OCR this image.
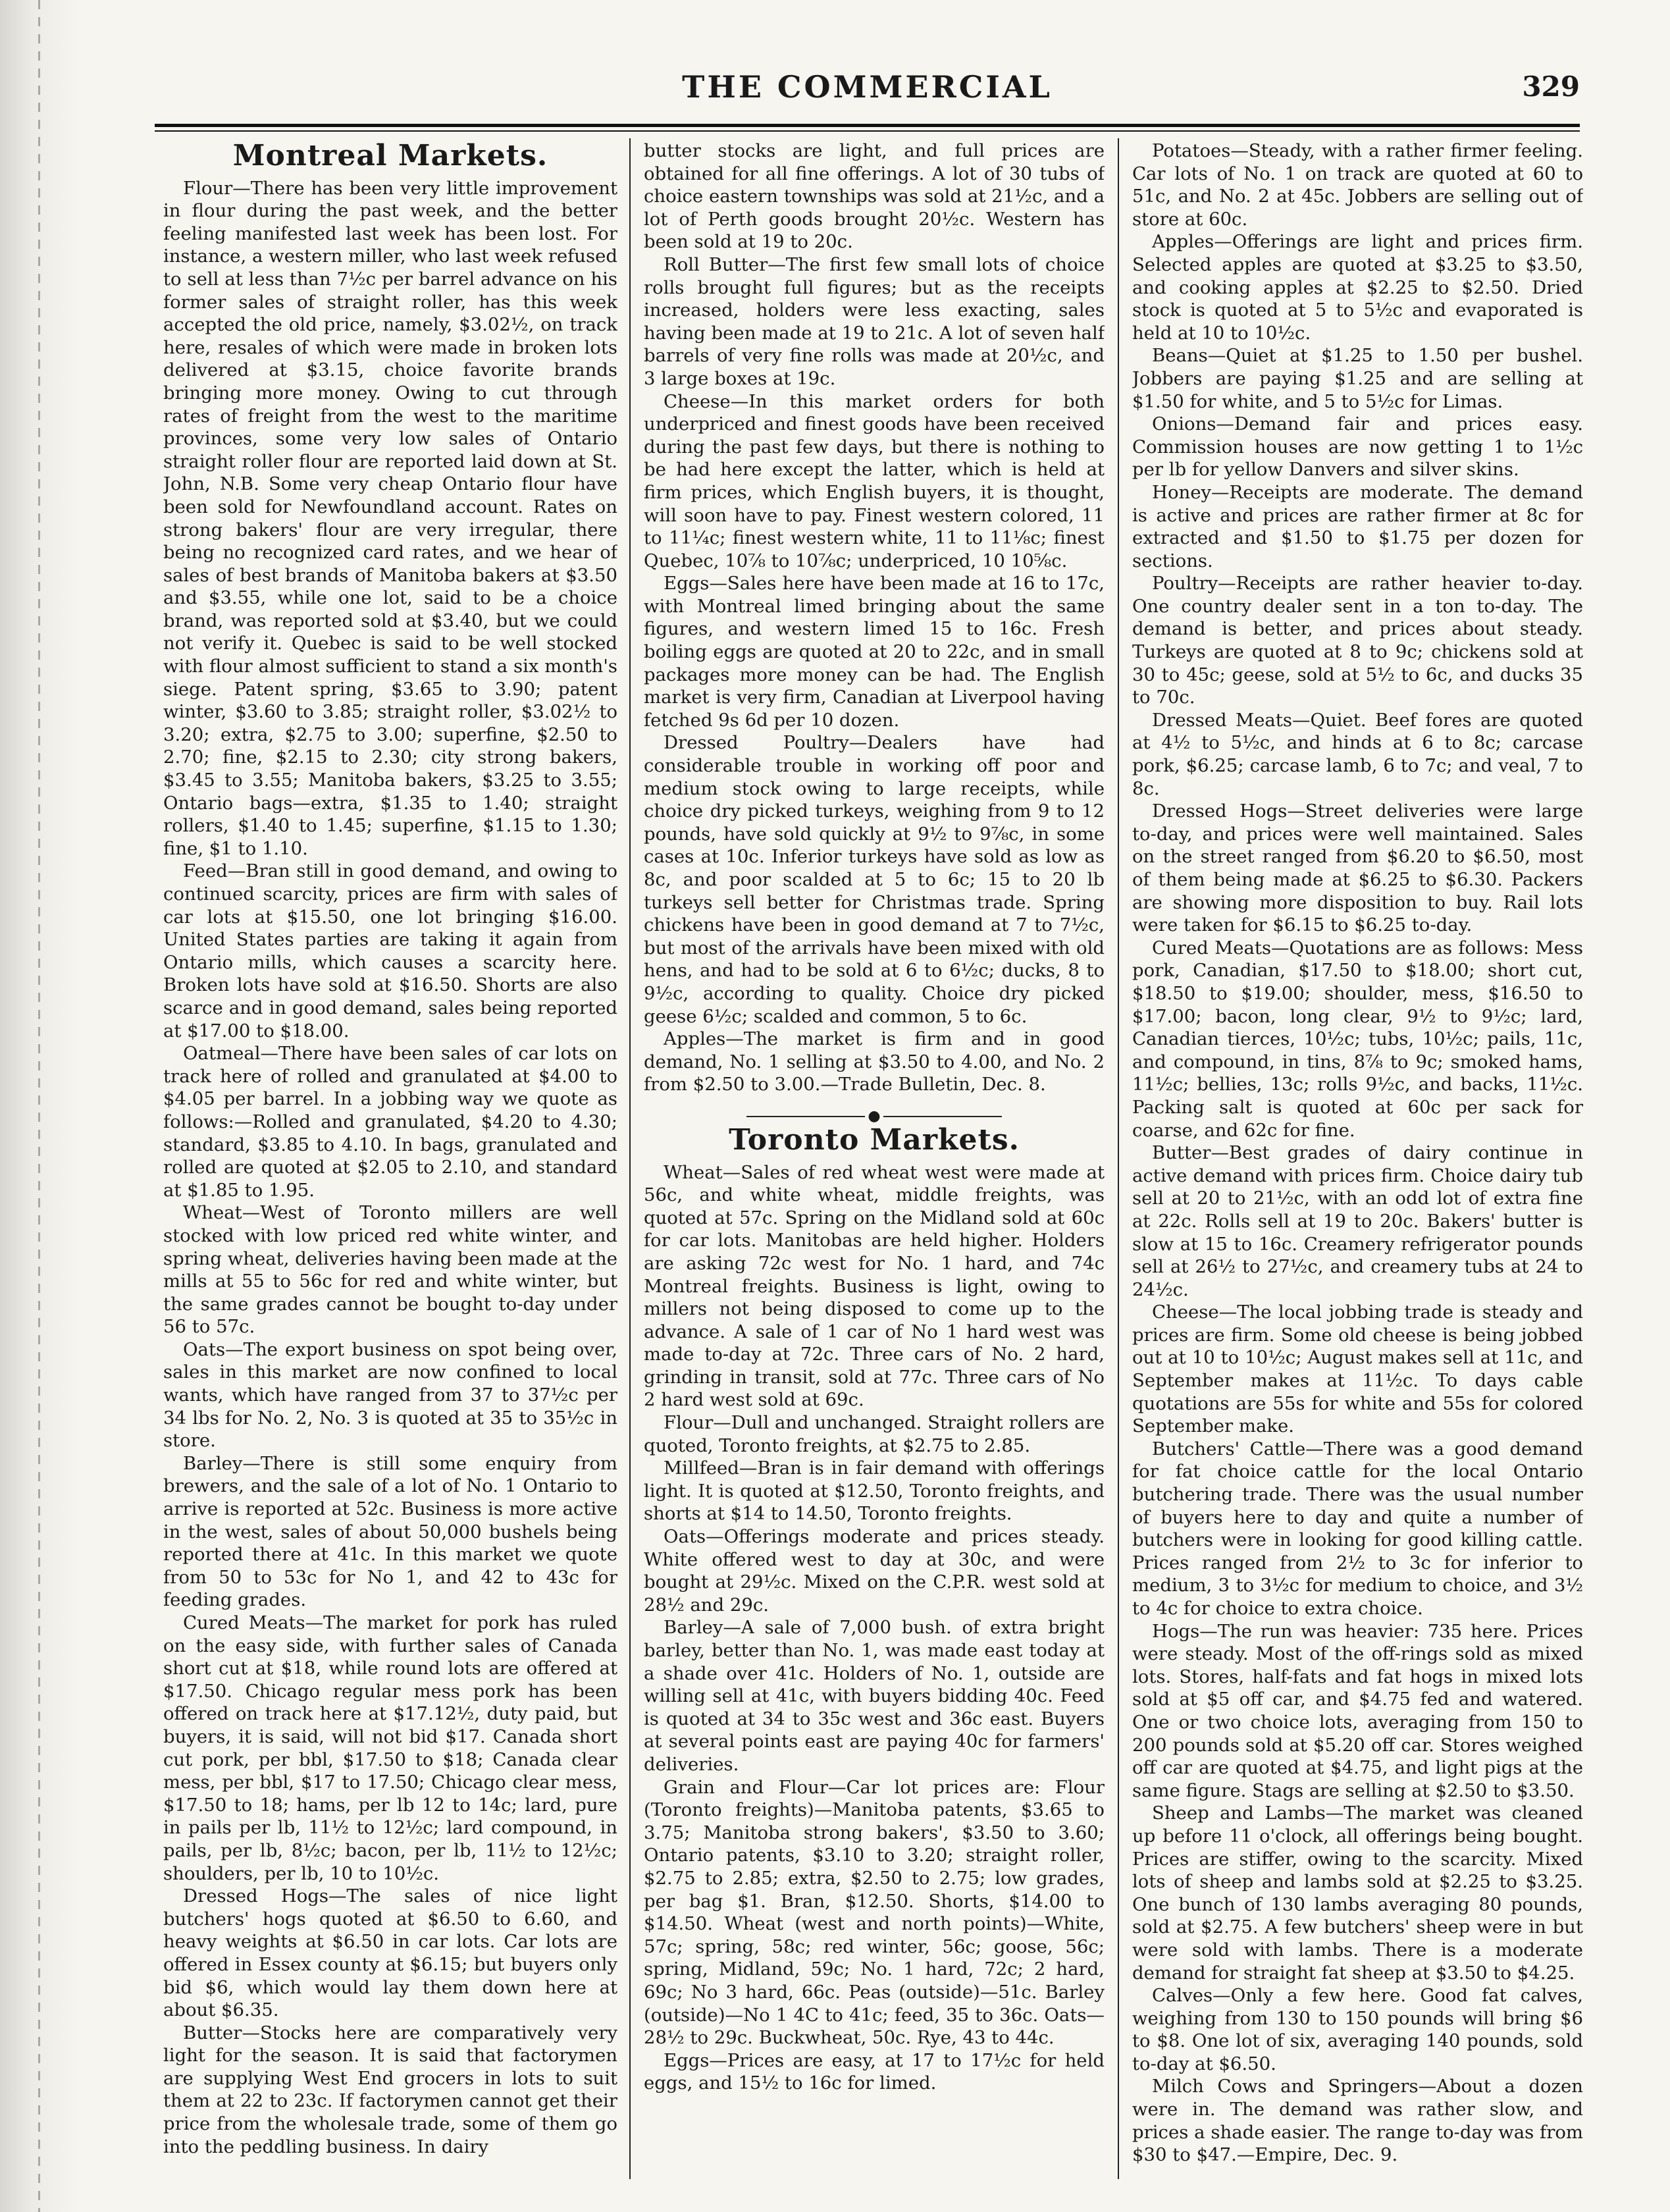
THE COMMERCIAL	329
Montreal Markets.

Flour—There has been very little improvement in flour during the past week, and the better feeling manifested last week has been lost. For instance, a western miller, who last week refused to sell at less than 7½c per barrel advance on his former sales of straight roller, has this week accepted the old price, namely, $3.02½, on track here, resales of which were made in broken lots delivered at $3.15, choice favorite brands bringing more money. Owing to cut through rates of freight from the west to the maritime provinces, some very low sales of Ontario straight roller flour are reported laid down at St. John, N.B. Some very cheap Ontario flour have been sold for Newfoundland account. Rates on strong bakers' flour are very irregular, there being no recognized card rates, and we hear of sales of best brands of Manitoba bakers at $3.50 and $3.55, while one lot, said to be a choice brand, was reported sold at $3.40, but we could not verify it. Quebec is said to be well stocked with flour almost sufficient to stand a six month's siege. Patent spring, $3.65 to 3.90; patent winter, $3.60 to 3.85; straight roller, $3.02½ to 3.20; extra, $2.75 to 3.00; superfine, $2.50 to 2.70; fine, $2.15 to 2.30; city strong bakers, $3.45 to 3.55; Manitoba bakers, $3.25 to 3.55; Ontario bags—extra, $1.35 to 1.40; straight rollers, $1.40 to 1.45; superfine, $1.15 to 1.30; fine, $1 to 1.10.

Feed—Bran still in good demand, and owing to continued scarcity, prices are firm with sales of car lots at $15.50, one lot bringing $16.00. United States parties are taking it again from Ontario mills, which causes a scarcity here. Broken lots have sold at $16.50. Shorts are also scarce and in good demand, sales being reported at $17.00 to $18.00.

Oatmeal—There have been sales of car lots on track here of rolled and granulated at $4.00 to $4.05 per barrel. In a jobbing way we quote as follows:—Rolled and granulated, $4.20 to 4.30; standard, $3.85 to 4.10. In bags, granulated and rolled are quoted at $2.05 to 2.10, and standard at $1.85 to 1.95.

Wheat—West of Toronto millers are well stocked with low priced red white winter, and spring wheat, deliveries having been made at the mills at 55 to 56c for red and white winter, but the same grades cannot be bought to-day under 56 to 57c.

Oats—The export business on spot being over, sales in this market are now confined to local wants, which have ranged from 37 to 37½c per 34 lbs for No. 2, No. 3 is quoted at 35 to 35½c in store.

Barley—There is still some enquiry from brewers, and the sale of a lot of No. 1 Ontario to arrive is reported at 52c. Business is more active in the west, sales of about 50,000 bushels being reported there at 41c. In this market we quote from 50 to 53c for No 1, and 42 to 43c for feeding grades.

Cured Meats—The market for pork has ruled on the easy side, with further sales of Canada short cut at $18, while round lots are offered at $17.50. Chicago regular mess pork has been offered on track here at $17.12½, duty paid, but buyers, it is said, will not bid $17. Canada short cut pork, per bbl, $17.50 to $18; Canada clear mess, per bbl, $17 to 17.50; Chicago clear mess, $17.50 to 18; hams, per lb 12 to 14c; lard, pure in pails per lb, 11½ to 12½c; lard compound, in pails, per lb, 8½c; bacon, per lb, 11½ to 12½c; shoulders, per lb, 10 to 10½c.

Dressed Hogs—The sales of nice light butchers' hogs quoted at $6.50 to 6.60, and heavy weights at $6.50 in car lots. Car lots are offered in Essex county at $6.15; but buyers only bid $6, which would lay them down here at about $6.35.

Butter—Stocks here are comparatively very light for the season. It is said that factorymen are supplying West End grocers in lots to suit them at 22 to 23c. If factorymen cannot get their price from the wholesale trade, some of them go into the peddling business. In dairy

butter stocks are light, and full prices are obtained for all fine offerings. A lot of 30 tubs of choice eastern townships was sold at 21½c, and a lot of Perth goods brought 20½c. Western has been sold at 19 to 20c.

Roll Butter—The first few small lots of choice rolls brought full figures; but as the receipts increased, holders were less exacting, sales having been made at 19 to 21c. A lot of seven half barrels of very fine rolls was made at 20½c, and 3 large boxes at 19c.

Cheese—In this market orders for both underpriced and finest goods have been received during the past few days, but there is nothing to be had here except the latter, which is held at firm prices, which English buyers, it is thought, will soon have to pay. Finest western colored, 11 to 11¼c; finest western white, 11 to 11⅛c; finest Quebec, 10⅞ to 10⅞c; underpriced, 10 10⅝c.

Eggs—Sales here have been made at 16 to 17c, with Montreal limed bringing about the same figures, and western limed 15 to 16c. Fresh boiling eggs are quoted at 20 to 22c, and in small packages more money can be had. The English market is very firm, Canadian at Liverpool having fetched 9s 6d per 10 dozen.

Dressed Poultry—Dealers have had considerable trouble in working off poor and medium stock owing to large receipts, while choice dry picked turkeys, weighing from 9 to 12 pounds, have sold quickly at 9½ to 9⅞c, in some cases at 10c. Inferior turkeys have sold as low as 8c, and poor scalded at 5 to 6c; 15 to 20 lb turkeys sell better for Christmas trade. Spring chickens have been in good demand at 7 to 7½c, but most of the arrivals have been mixed with old hens, and had to be sold at 6 to 6½c; ducks, 8 to 9½c, according to quality. Choice dry picked geese 6½c; scalded and common, 5 to 6c.

Apples—The market is firm and in good demand, No. 1 selling at $3.50 to 4.00, and No. 2 from $2.50 to 3.00.—Trade Bulletin, Dec. 8.

●
Toronto Markets.

Wheat—Sales of red wheat west were made at 56c, and white wheat, middle freights, was quoted at 57c. Spring on the Midland sold at 60c for car lots. Manitobas are held higher. Holders are asking 72c west for No. 1 hard, and 74c Montreal freights. Business is light, owing to millers not being disposed to come up to the advance. A sale of 1 car of No 1 hard west was made to-day at 72c. Three cars of No. 2 hard, grinding in transit, sold at 77c. Three cars of No 2 hard west sold at 69c.

Flour—Dull and unchanged. Straight rollers are quoted, Toronto freights, at $2.75 to 2.85.

Millfeed—Bran is in fair demand with offerings light. It is quoted at $12.50, Toronto freights, and shorts at $14 to 14.50, Toronto freights.

Oats—Offerings moderate and prices steady. White offered west to day at 30c, and were bought at 29½c. Mixed on the C.P.R. west sold at 28½ and 29c.

Barley—A sale of 7,000 bush. of extra bright barley, better than No. 1, was made east today at a shade over 41c. Holders of No. 1, outside are willing sell at 41c, with buyers bidding 40c. Feed is quoted at 34 to 35c west and 36c east. Buyers at several points east are paying 40c for farmers' deliveries.

Grain and Flour—Car lot prices are: Flour (Toronto freights)—Manitoba patents, $3.65 to 3.75; Manitoba strong bakers', $3.50 to 3.60; Ontario patents, $3.10 to 3.20; straight roller, $2.75 to 2.85; extra, $2.50 to 2.75; low grades, per bag $1. Bran, $12.50. Shorts, $14.00 to $14.50. Wheat (west and north points)—White, 57c; spring, 58c; red winter, 56c; goose, 56c; spring, Midland, 59c; No. 1 hard, 72c; 2 hard, 69c; No 3 hard, 66c. Peas (outside)—51c. Barley (outside)—No 1 4C to 41c; feed, 35 to 36c. Oats—28½ to 29c. Buckwheat, 50c. Rye, 43 to 44c.

Eggs—Prices are easy, at 17 to 17½c for held eggs, and 15½ to 16c for limed.

Potatoes—Steady, with a rather firmer feeling. Car lots of No. 1 on track are quoted at 60 to 51c, and No. 2 at 45c. Jobbers are selling out of store at 60c.

Apples—Offerings are light and prices firm. Selected apples are quoted at $3.25 to $3.50, and cooking apples at $2.25 to $2.50. Dried stock is quoted at 5 to 5½c and evaporated is held at 10 to 10½c.

Beans—Quiet at $1.25 to 1.50 per bushel. Jobbers are paying $1.25 and are selling at $1.50 for white, and 5 to 5½c for Limas.

Onions—Demand fair and prices easy. Commission houses are now getting 1 to 1½c per lb for yellow Danvers and silver skins.

Honey—Receipts are moderate. The demand is active and prices are rather firmer at 8c for extracted and $1.50 to $1.75 per dozen for sections.

Poultry—Receipts are rather heavier to-day. One country dealer sent in a ton to-day. The demand is better, and prices about steady. Turkeys are quoted at 8 to 9c; chickens sold at 30 to 45c; geese, sold at 5½ to 6c, and ducks 35 to 70c.

Dressed Meats—Quiet. Beef fores are quoted at 4½ to 5½c, and hinds at 6 to 8c; carcase pork, $6.25; carcase lamb, 6 to 7c; and veal, 7 to 8c.

Dressed Hogs—Street deliveries were large to-day, and prices were well maintained. Sales on the street ranged from $6.20 to $6.50, most of them being made at $6.25 to $6.30. Packers are showing more disposition to buy. Rail lots were taken for $6.15 to $6.25 to-day.

Cured Meats—Quotations are as follows: Mess pork, Canadian, $17.50 to $18.00; short cut, $18.50 to $19.00; shoulder, mess, $16.50 to $17.00; bacon, long clear, 9½ to 9½c; lard, Canadian tierces, 10½c; tubs, 10½c; pails, 11c, and compound, in tins, 8⅞ to 9c; smoked hams, 11½c; bellies, 13c; rolls 9½c, and backs, 11½c. Packing salt is quoted at 60c per sack for coarse, and 62c for fine.

Butter—Best grades of dairy continue in active demand with prices firm. Choice dairy tub sell at 20 to 21½c, with an odd lot of extra fine at 22c. Rolls sell at 19 to 20c. Bakers' butter is slow at 15 to 16c. Creamery refrigerator pounds sell at 26½ to 27½c, and creamery tubs at 24 to 24½c.

Cheese—The local jobbing trade is steady and prices are firm. Some old cheese is being jobbed out at 10 to 10½c; August makes sell at 11c, and September makes at 11½c. To days cable quotations are 55s for white and 55s for colored September make.

Butchers' Cattle—There was a good demand for fat choice cattle for the local Ontario butchering trade. There was the usual number of buyers here to day and quite a number of butchers were in looking for good killing cattle. Prices ranged from 2½ to 3c for inferior to medium, 3 to 3½c for medium to choice, and 3½ to 4c for choice to extra choice.

Hogs—The run was heavier: 735 here. Prices were steady. Most of the off-rings sold as mixed lots. Stores, half-fats and fat hogs in mixed lots sold at $5 off car, and $4.75 fed and watered. One or two choice lots, averaging from 150 to 200 pounds sold at $5.20 off car. Stores weighed off car are quoted at $4.75, and light pigs at the same figure. Stags are selling at $2.50 to $3.50.

Sheep and Lambs—The market was cleaned up before 11 o'clock, all offerings being bought. Prices are stiffer, owing to the scarcity. Mixed lots of sheep and lambs sold at $2.25 to $3.25. One bunch of 130 lambs averaging 80 pounds, sold at $2.75. A few butchers' sheep were in but were sold with lambs. There is a moderate demand for straight fat sheep at $3.50 to $4.25.

Calves—Only a few here. Good fat calves, weighing from 130 to 150 pounds will bring $6 to $8. One lot of six, averaging 140 pounds, sold to-day at $6.50.

Milch Cows and Springers—About a dozen were in. The demand was rather slow, and prices a shade easier. The range to-day was from $30 to $47.—Empire, Dec. 9.
